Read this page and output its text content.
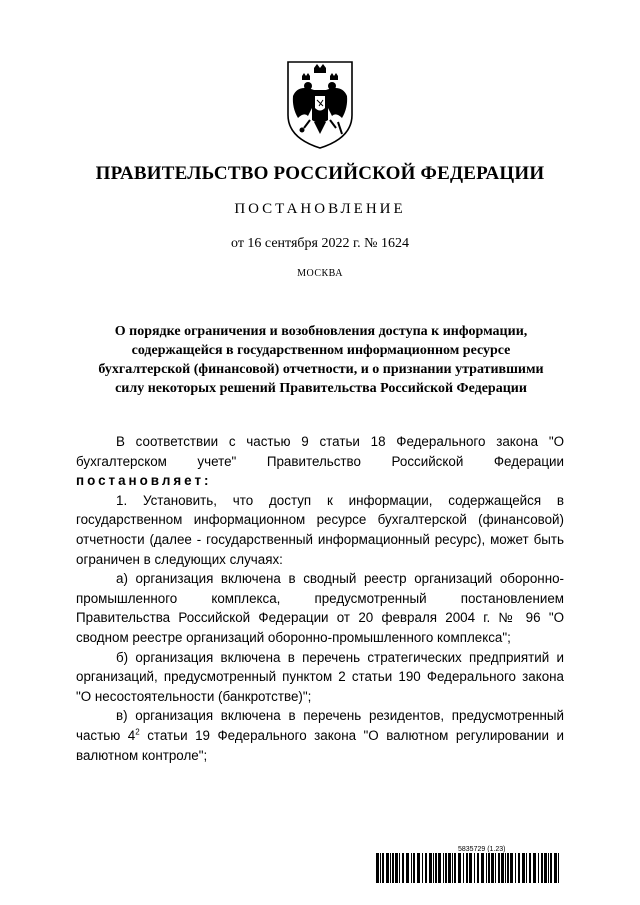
ПРАВИТЕЛЬСТВО РОССИЙСКОЙ ФЕДЕРАЦИИ
ПОСТАНОВЛЕНИЕ
от 16 сентября 2022 г. № 1624
МОСКВА
О порядке ограничения и возобновления доступа к информации, содержащейся в государственном информационном ресурсе бухгалтерской (финансовой) отчетности, и о признании утратившими силу некоторых решений Правительства Российской Федерации

В соответствии с частью 9 статьи 18 Федерального закона "О бухгалтерском учете" Правительство Российской Федерации постановляет:

1. Установить, что доступ к информации, содержащейся в государственном информационном ресурсе бухгалтерской (финансовой) отчетности (далее - государственный информационный ресурс), может быть ограничен в следующих случаях:

а) организация включена в сводный реестр организаций оборонно-промышленного комплекса, предусмотренный постановлением Правительства Российской Федерации от 20 февраля 2004 г. № 96 "О сводном реестре организаций оборонно-промышленного комплекса";

б) организация включена в перечень стратегических предприятий и организаций, предусмотренный пунктом 2 статьи 190 Федерального закона "О несостоятельности (банкротстве)";

в) организация включена в перечень резидентов, предусмотренный частью $4^2$ статьи 19 Федерального закона "О валютном регулировании и валютном контроле";

5835729 (1.23)
